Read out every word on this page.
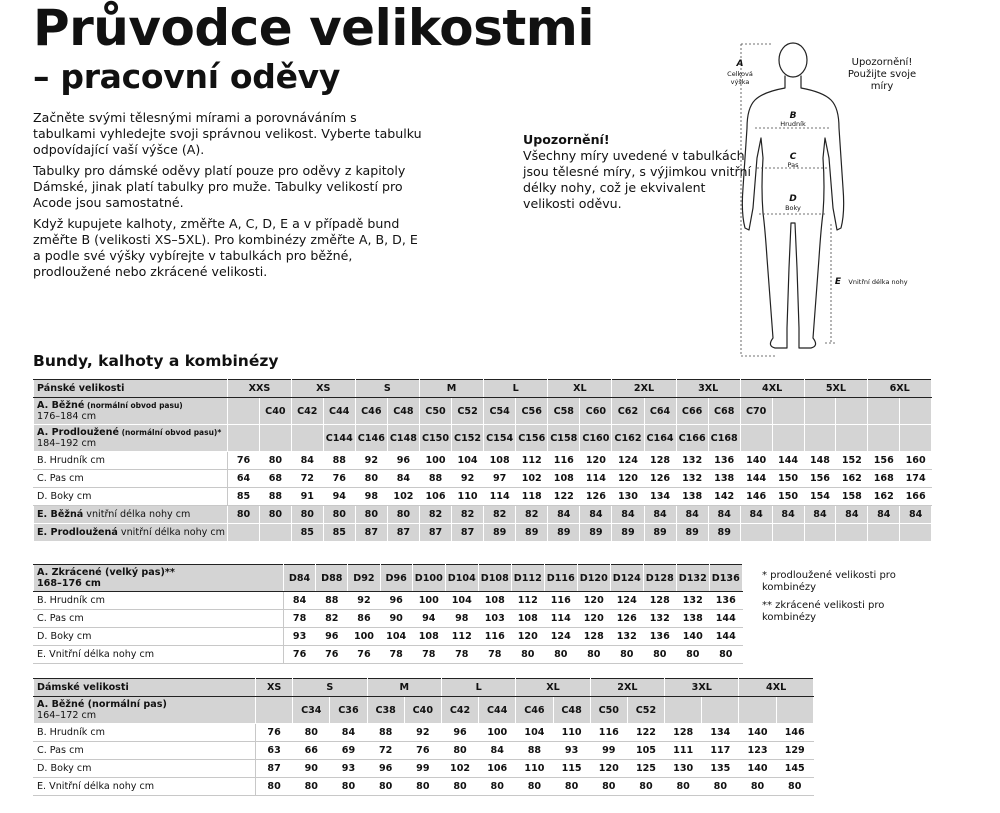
Průvodce velikostmi
– pracovní oděvy

Začněte svými tělesnými mírami a porovnáváním s tabulkami vyhledejte svoji správnou velikost. Vyberte tabulku odpovídající vaší výšce (A).

Tabulky pro dámské oděvy platí pouze pro oděvy z kapitoly Dámské, jinak platí tabulky pro muže. Tabulky velikostí pro Acode jsou samostatné.

Když kupujete kalhoty, změřte A, C, D, E a v případě bund změřte B (velikosti XS–5XL). Pro kombinézy změřte A, B, D, E a podle své výšky vybírejte v tabulkách pro běžné, prodloužené nebo zkrácené velikosti.

Upozornění!
Všechny míry uvedené v tabulkách jsou tělesné míry, s výjimkou vnitřní délky nohy, což je ekvivalent velikosti oděvu.
Upozornění! Použijte svoje míry
A
Celková
výška
B
Hrudník
C
Pas
D
Boky
E Vnitřní délka nohy
Bundy, kalhoty a kombinézy
Pánské velikosti	XXS		XS		S		M		L		XL		2XL		3XL		4XL		5XL		6XL	
A. Běžné (normální obvod pasu)
176–184 cm		C40	C42	C44	C46	C48	C50	C52	C54	C56	C58	C60	C62	C64	C66	C68	C70					
A. Prodloužené (normální obvod pasu)*
184–192 cm				C144	C146	C148	C150	C152	C154	C156	C158	C160	C162	C164	C166	C168						
B. Hrudník cm	76	80	84	88	92	96	100	104	108	112	116	120	124	128	132	136	140	144	148	152	156	160
C. Pas cm	64	68	72	76	80	84	88	92	97	102	108	114	120	126	132	138	144	150	156	162	168	174
D. Boky cm	85	88	91	94	98	102	106	110	114	118	122	126	130	134	138	142	146	150	154	158	162	166
E. Běžná vnitřní délka nohy cm	80	80	80	80	80	80	82	82	82	82	84	84	84	84	84	84	84	84	84	84	84	84
E. Prodloužená vnitřní délka nohy cm			85	85	87	87	87	87	89	89	89	89	89	89	89	89						
A. Zkrácené (velký pas)**
168–176 cm	D84	D88	D92	D96	D100	D104	D108	D112	D116	D120	D124	D128	D132	D136
B. Hrudník cm	84	88	92	96	100	104	108	112	116	120	124	128	132	136
C. Pas cm	78	82	86	90	94	98	103	108	114	120	126	132	138	144
D. Boky cm	93	96	100	104	108	112	116	120	124	128	132	136	140	144
E. Vnitřní délka nohy cm	76	76	76	78	78	78	78	80	80	80	80	80	80	80

* prodloužené velikosti pro kombinézy

** zkrácené velikosti pro kombinézy

Dámské velikosti	XS	S		M		L		XL		2XL		3XL		4XL	
A. Běžné (normální pas)
164–172 cm		C34	C36	C38	C40	C42	C44	C46	C48	C50	C52				
B. Hrudník cm	76	80	84	88	92	96	100	104	110	116	122	128	134	140	146
C. Pas cm	63	66	69	72	76	80	84	88	93	99	105	111	117	123	129
D. Boky cm	87	90	93	96	99	102	106	110	115	120	125	130	135	140	145
E. Vnitřní délka nohy cm	80	80	80	80	80	80	80	80	80	80	80	80	80	80	80
